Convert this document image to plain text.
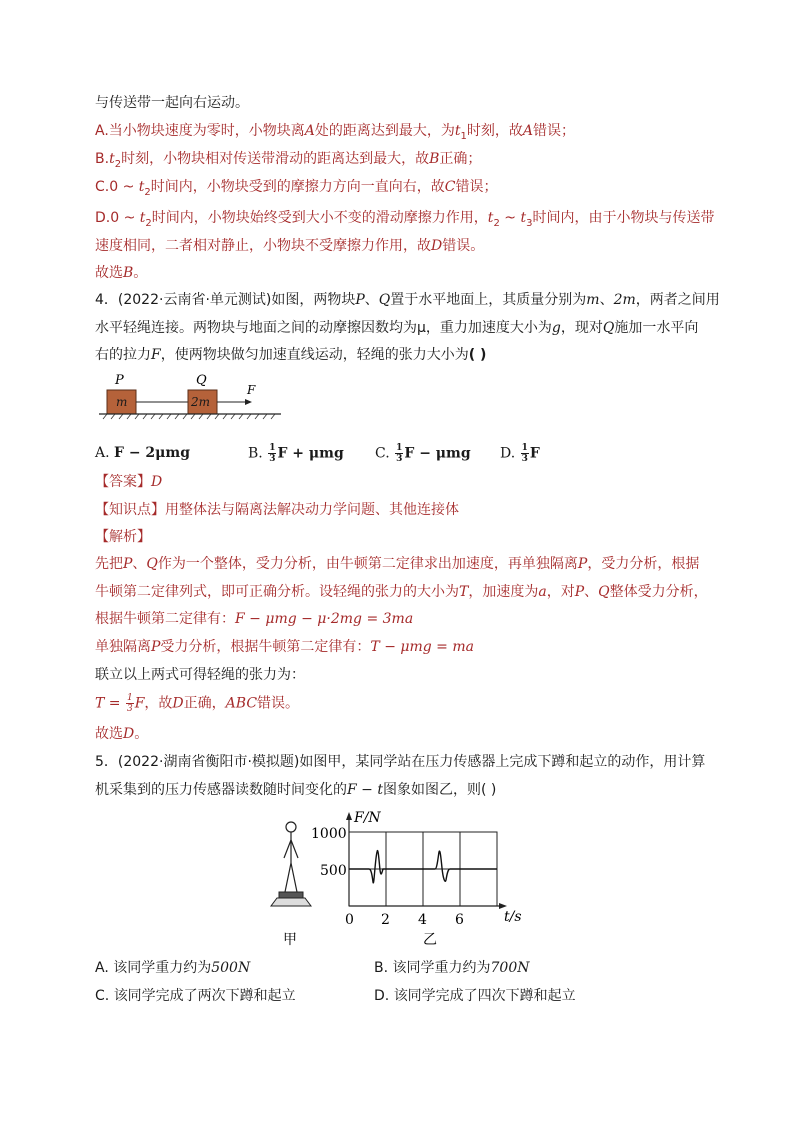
与传送带一起向右运动。
A.当小物块速度为零时，小物块离A处的距离达到最大，为$t_1$时刻，故A错误；
$B.t_2$时刻，小物块相对传送带滑动的距离达到最大，故B正确；
C.0 ~ $t_2$时间内，小物块受到的摩擦力方向一直向右，故C错误；
D.0 ~ $t_2$时间内，小物块始终受到大小不变的滑动摩擦力作用，$t_2$ ~ $t_3$时间内，由于小物块与传送带
速度相同，二者相对静止，小物块不受摩擦力作用，故D错误。
故选B。
4．(2022·云南省·单元测试)如图，两物块P、Q置于水平地面上，其质量分别为m、2m，两者之间用
水平轻绳连接。两物块与地面之间的动摩擦因数均为μ，重力加速度大小为g，现对Q施加一水平向
右的拉力F，使两物块做匀加速直线运动，轻绳的张力大小为( )
P	Q
m	2m
F
A. F − 2μmg	B. $\frac{1}{3}$ F + μmg C. $\frac{1}{3}$ F − μmg D. $\frac{1}{3}$ F
【答案】D
【知识点】用整体法与隔离法解决动力学问题、其他连接体
【解析】
先把P、Q作为一个整体，受力分析，由牛顿第二定律求出加速度，再单独隔离P，受力分析，根据
牛顿第二定律列式，即可正确分析。设轻绳的张力的大小为T，加速度为a，对P、Q整体受力分析，
根据牛顿第二定律有：F − μmg − μ·2mg = 3ma
单独隔离P受力分析，根据牛顿第二定律有：T − μmg = ma
联立以上两式可得轻绳的张力为：
$T = \frac{1}{3}$ F，故D正确，ABC错误。
故选D。
5．(2022·湖南省衡阳市·模拟题)如图甲，某同学站在压力传感器上完成下蹲和起立的动作，用计算
机采集到的压力传感器读数随时间变化的F − t图象如图乙，则( )
甲
F/N
t/s
1000
500
0 2 4 6
乙
A. 该同学重力约为500N	B. 该同学重力约为700N
C. 该同学完成了两次下蹲和起立	D. 该同学完成了四次下蹲和起立
